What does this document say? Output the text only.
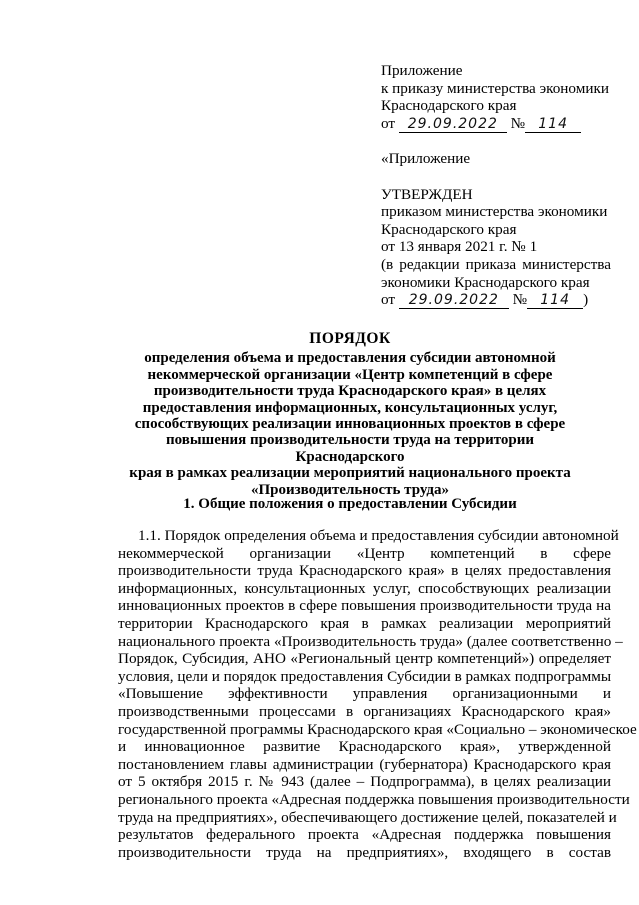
Приложение
к приказу министерства экономики
Краснодарского края
от 29.09.2022 № 114
«Приложение
УТВЕРЖДЕН
приказом министерства экономики
Краснодарского края
от 13 января 2021 г. № 1
(в редакции приказа министерства
экономики Краснодарского края
от 29.09.2022 № 114 )
ПОРЯДОК
определения объема и предоставления субсидии автономной
некоммерческой организации «Центр компетенций в сфере
производительности труда Краснодарского края» в целях
предоставления информационных, консультационных услуг,
способствующих реализации инновационных проектов в сфере
повышения производительности труда на территории Краснодарского
края в рамках реализации мероприятий национального проекта
«Производительность труда»
1. Общие положения о предоставлении Субсидии
1.1. Порядок определения объема и предоставления субсидии автономной
некоммерческой организации «Центр компетенций в сфере
производительности труда Краснодарского края» в целях предоставления
информационных, консультационных услуг, способствующих реализации
инновационных проектов в сфере повышения производительности труда на
территории Краснодарского края в рамках реализации мероприятий
национального проекта «Производительность труда» (далее соответственно –
Порядок, Субсидия, АНО «Региональный центр компетенций») определяет
условия, цели и порядок предоставления Субсидии в рамках подпрограммы
«Повышение эффективности управления организационными и
производственными процессами в организациях Краснодарского края»
государственной программы Краснодарского края «Социально – экономическое
и инновационное развитие Краснодарского края», утвержденной
постановлением главы администрации (губернатора) Краснодарского края
от 5 октября 2015 г. № 943 (далее – Подпрограмма), в целях реализации
регионального проекта «Адресная поддержка повышения производительности
труда на предприятиях», обеспечивающего достижение целей, показателей и
результатов федерального проекта «Адресная поддержка повышения
производительности труда на предприятиях», входящего в состав
